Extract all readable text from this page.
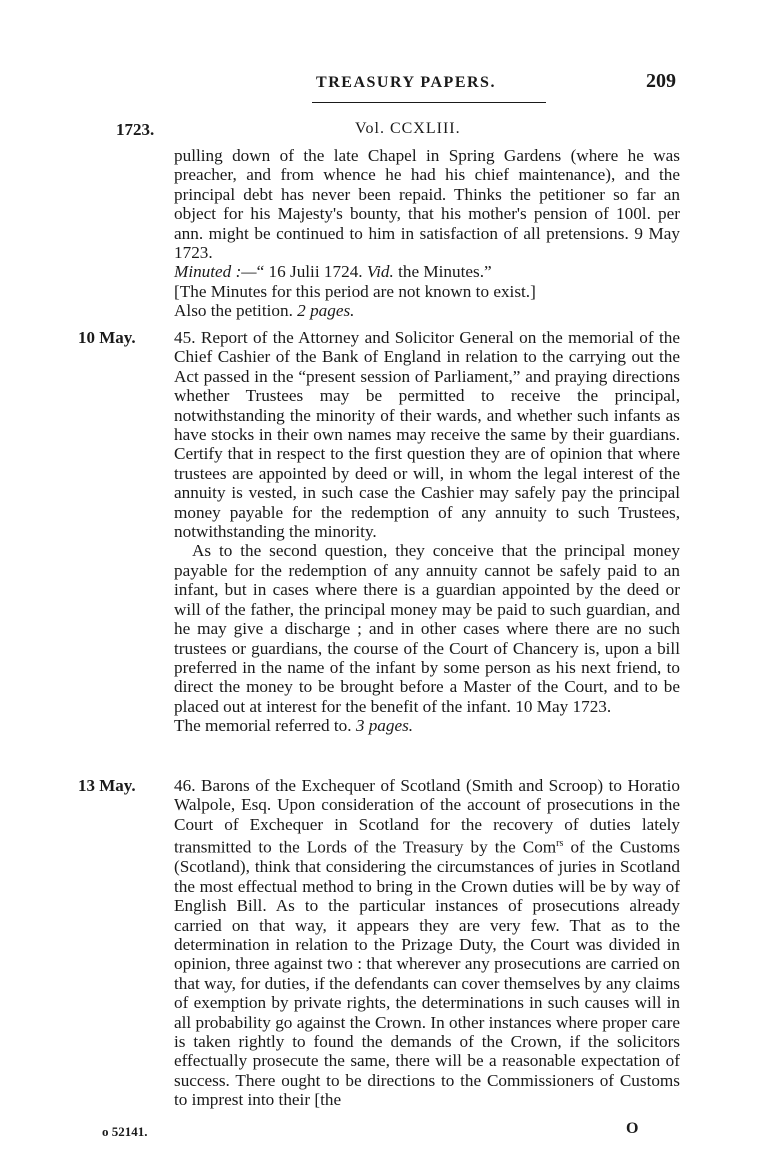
TREASURY PAPERS.	209
1723.	Vol. CCXLIII.

pulling down of the late Chapel in Spring Gardens (where he was preacher, and from whence he had his chief maintenance), and the principal debt has never been repaid. Thinks the petitioner so far an object for his Majesty's bounty, that his mother's pension of 100l. per ann. might be continued to him in satisfaction of all pretensions. 9 May 1723.

Minuted :—“ 16 Julii 1724. Vid. the Minutes.”

[The Minutes for this period are not known to exist.]

Also the petition. 2 pages.

10 May. 45. Report of the Attorney and Solicitor General on the memorial of the Chief Cashier of the Bank of England in relation to the carrying out the Act passed in the “present session of Parliament,” and praying directions whether Trustees may be permitted to receive the principal, notwithstanding the minority of their wards, and whether such infants as have stocks in their own names may receive the same by their guardians. Certify that in respect to the first question they are of opinion that where trustees are appointed by deed or will, in whom the legal interest of the annuity is vested, in such case the Cashier may safely pay the principal money payable for the redemption of any annuity to such Trustees, notwithstanding the minority.

As to the second question, they conceive that the principal money payable for the redemption of any annuity cannot be safely paid to an infant, but in cases where there is a guardian appointed by the deed or will of the father, the principal money may be paid to such guardian, and he may give a discharge ; and in other cases where there are no such trustees or guardians, the course of the Court of Chancery is, upon a bill preferred in the name of the infant by some person as his next friend, to direct the money to be brought before a Master of the Court, and to be placed out at interest for the benefit of the infant. 10 May 1723.

The memorial referred to. 3 pages.

13 May. 46. Barons of the Exchequer of Scotland (Smith and Scroop) to Horatio Walpole, Esq. Upon consideration of the account of prosecutions in the Court of Exchequer in Scotland for the recovery of duties lately transmitted to the Lords of the Treasury by the Com$^{rs}$ of the Customs (Scotland), think that considering the circumstances of juries in Scotland the most effectual method to bring in the Crown duties will be by way of English Bill. As to the particular instances of prosecutions already carried on that way, it appears they are very few. That as to the determination in relation to the Prizage Duty, the Court was divided in opinion, three against two : that wherever any prosecutions are carried on that way, for duties, if the defendants can cover themselves by any claims of exemption by private rights, the determinations in such causes will in all probability go against the Crown. In other instances where proper care is taken rightly to found the demands of the Crown, if the solicitors effectually prosecute the same, there will be a reasonable expectation of success. There ought to be directions to the Commissioners of Customs to imprest into their [the

o 52141.	O
